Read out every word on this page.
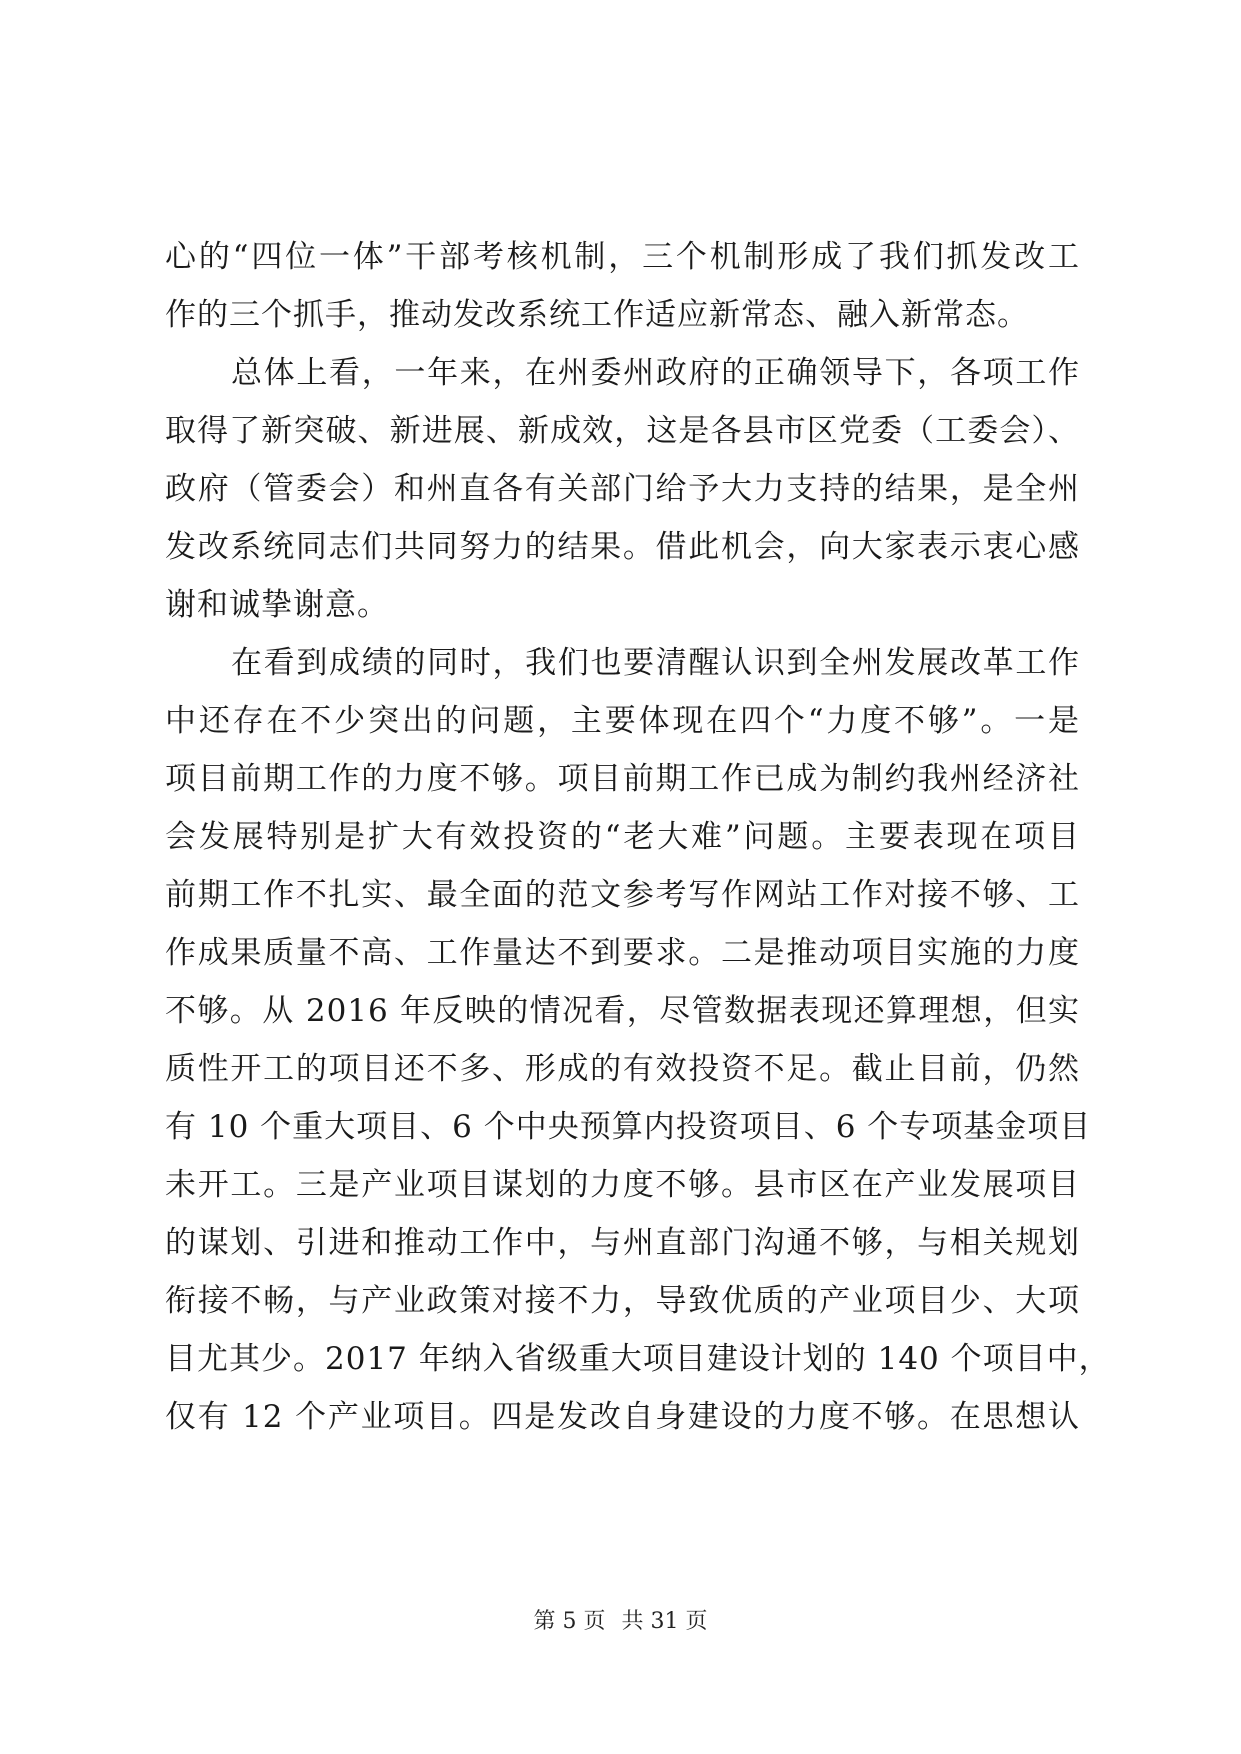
心的“四位一体”干部考核机制，三个机制形成了我们抓发改工
作的三个抓手，推动发改系统工作适应新常态、融入新常态。
总体上看，一年来，在州委州政府的正确领导下，各项工作
取得了新突破、新进展、新成效，这是各县市区党委（工委会）、
政府（管委会）和州直各有关部门给予大力支持的结果，是全州
发改系统同志们共同努力的结果。借此机会，向大家表示衷心感
谢和诚挚谢意。
在看到成绩的同时，我们也要清醒认识到全州发展改革工作
中还存在不少突出的问题，主要体现在四个“力度不够”。一是
项目前期工作的力度不够。项目前期工作已成为制约我州经济社
会发展特别是扩大有效投资的“老大难”问题。主要表现在项目
前期工作不扎实、最全面的范文参考写作网站工作对接不够、工
作成果质量不高、工作量达不到要求。二是推动项目实施的力度
不够。从 2016 年反映的情况看，尽管数据表现还算理想，但实
质性开工的项目还不多、形成的有效投资不足。截止目前，仍然
有 10 个重大项目、6 个中央预算内投资项目、6 个专项基金项目
未开工。三是产业项目谋划的力度不够。县市区在产业发展项目
的谋划、引进和推动工作中，与州直部门沟通不够，与相关规划
衔接不畅，与产业政策对接不力，导致优质的产业项目少、大项
目尤其少。2017 年纳入省级重大项目建设计划的 140 个项目中，
仅有 12 个产业项目。四是发改自身建设的力度不够。在思想认
第 5 页 共 31 页
